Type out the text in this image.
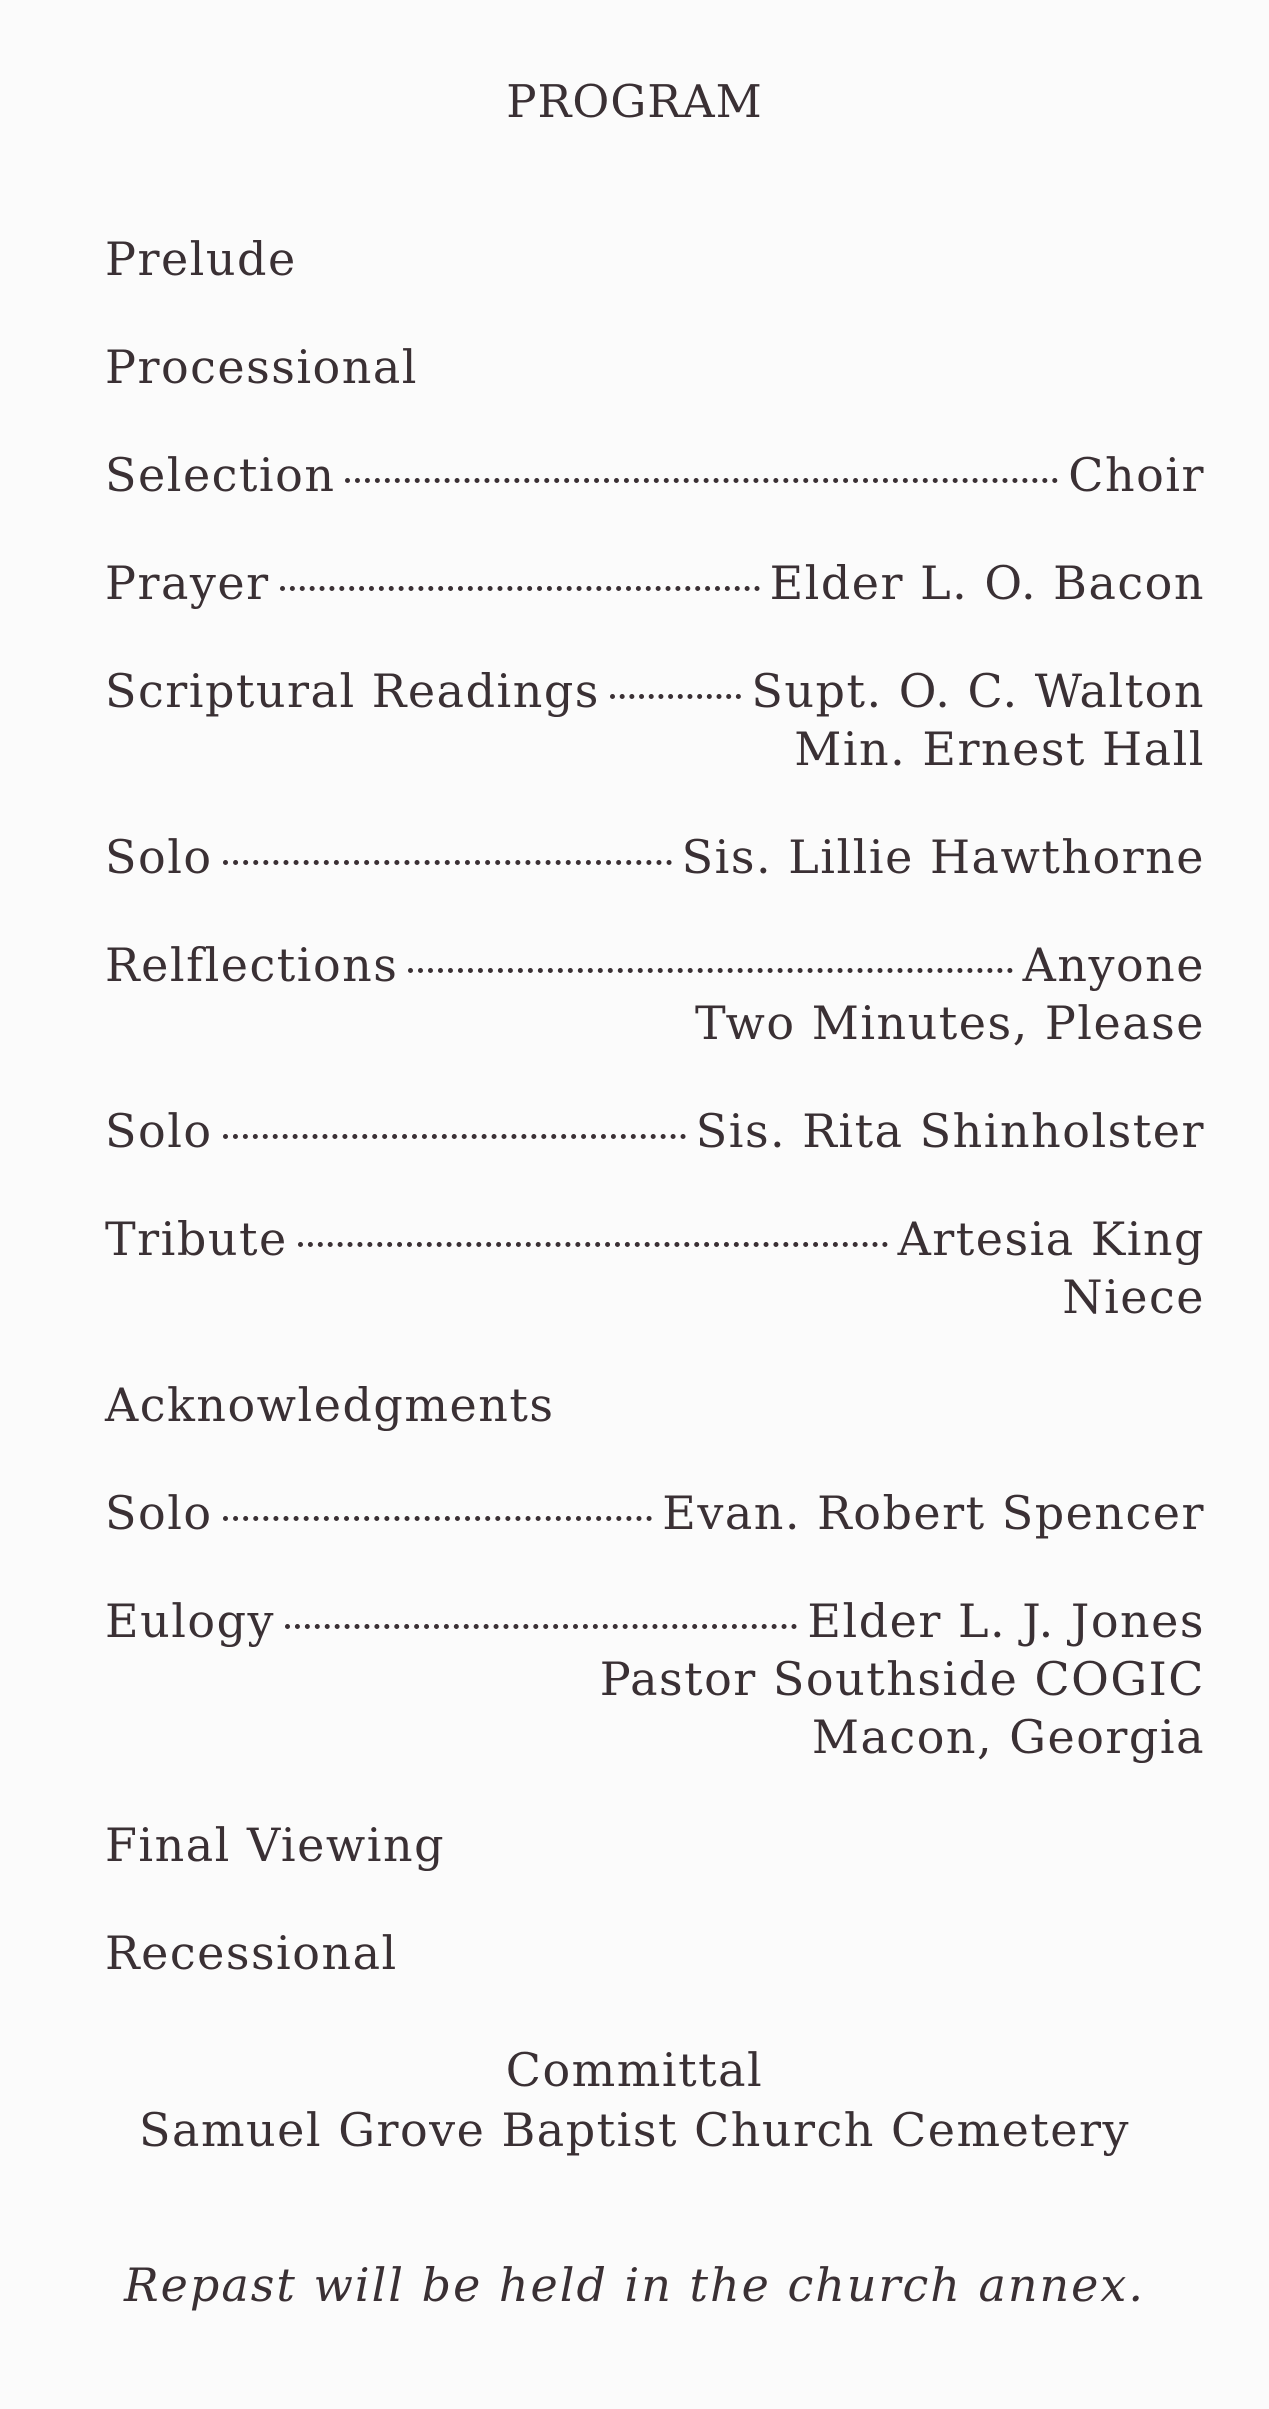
PROGRAM
Prelude
Processional
Selection	Choir
Prayer	Elder L. O. Bacon
Scriptural Readings	Supt. O. C. Walton
Min. Ernest Hall
Solo	Sis. Lillie Hawthorne
Relflections	Anyone
Two Minutes, Please
Solo	Sis. Rita Shinholster
Tribute	Artesia King
Niece
Acknowledgments
Solo	Evan. Robert Spencer
Eulogy	Elder L. J. Jones
Pastor Southside COGIC
Macon, Georgia
Final Viewing
Recessional
Committal
Samuel Grove Baptist Church Cemetery
Repast will be held in the church annex.
